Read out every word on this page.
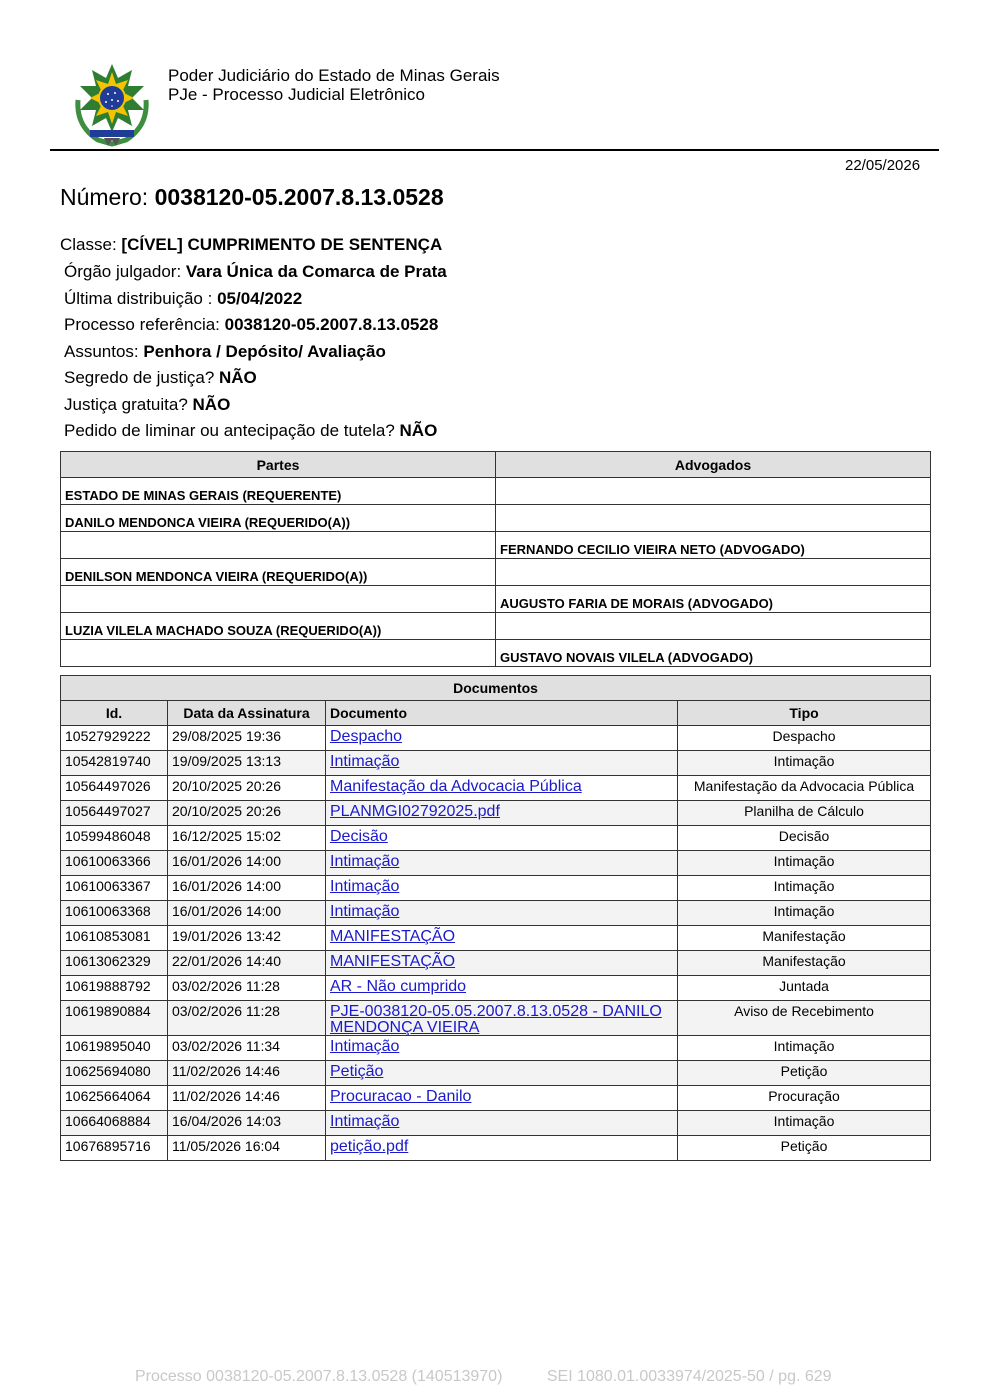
Poder Judiciário do Estado de Minas Gerais
PJe - Processo Judicial Eletrônico
22/05/2026
Número: 0038120-05.2007.8.13.0528
Classe: [CÍVEL] CUMPRIMENTO DE SENTENÇA
Órgão julgador: Vara Única da Comarca de Prata
Última distribuição : 05/04/2022
Processo referência: 0038120-05.2007.8.13.0528
Assuntos: Penhora / Depósito/ Avaliação
Segredo de justiça? NÃO
Justiça gratuita? NÃO
Pedido de liminar ou antecipação de tutela? NÃO
Partes	Advogados
ESTADO DE MINAS GERAIS (REQUERENTE)	
DANILO MENDONCA VIEIRA (REQUERIDO(A))	
	FERNANDO CECILIO VIEIRA NETO (ADVOGADO)
DENILSON MENDONCA VIEIRA (REQUERIDO(A))	
	AUGUSTO FARIA DE MORAIS (ADVOGADO)
LUZIA VILELA MACHADO SOUZA (REQUERIDO(A))	
	GUSTAVO NOVAIS VILELA (ADVOGADO)
Documentos			
Id.	Data da Assinatura	Documento	Tipo
10527929222	29/08/2025 19:36	Despacho	Despacho
10542819740	19/09/2025 13:13	Intimação	Intimação
10564497026	20/10/2025 20:26	Manifestação da Advocacia Pública	Manifestação da Advocacia Pública
10564497027	20/10/2025 20:26	PLANMGI02792025.pdf	Planilha de Cálculo
10599486048	16/12/2025 15:02	Decisão	Decisão
10610063366	16/01/2026 14:00	Intimação	Intimação
10610063367	16/01/2026 14:00	Intimação	Intimação
10610063368	16/01/2026 14:00	Intimação	Intimação
10610853081	19/01/2026 13:42	MANIFESTAÇÃO	Manifestação
10613062329	22/01/2026 14:40	MANIFESTAÇÃO	Manifestação
10619888792	03/02/2026 11:28	AR - Não cumprido	Juntada
10619890884	03/02/2026 11:28	PJE-0038120-05.05.2007.8.13.0528 - DANILO MENDONÇA VIEIRA	Aviso de Recebimento
10619895040	03/02/2026 11:34	Intimação	Intimação
10625694080	11/02/2026 14:46	Petição	Petição
10625664064	11/02/2026 14:46	Procuracao - Danilo	Procuração
10664068884	16/04/2026 14:03	Intimação	Intimação
10676895716	11/05/2026 16:04	petição.pdf	Petição
Processo 0038120-05.2007.8.13.0528 (140513970)	SEI 1080.01.0033974/2025-50 / pg. 629
